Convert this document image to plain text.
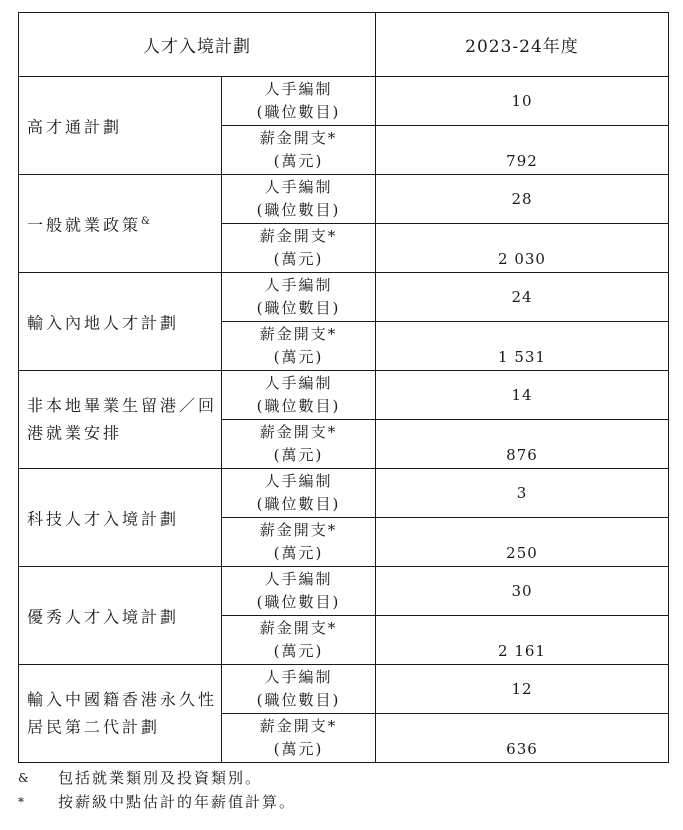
人才入境計劃		2023-24年度
高才通計劃	人手編制
(職位數目)	10

	薪金開支*
(萬元)	792
一般就業政策&	人手編制
(職位數目)	28

	薪金開支*
(萬元)	2 030
輸入內地人才計劃	人手編制
(職位數目)	24

	薪金開支*
(萬元)	1 531
非本地畢業生留港／回港就業安排	人手編制
(職位數目)	14

	薪金開支*
(萬元)	876
科技人才入境計劃	人手編制
(職位數目)	3

	薪金開支*
(萬元)	250
優秀人才入境計劃	人手編制
(職位數目)	30

	薪金開支*
(萬元)	2 161
輸入中國籍香港永久性居民第二代計劃	人手編制
(職位數目)	12

	薪金開支*
(萬元)	636
&	包括就業類別及投資類別。
*	按薪級中點估計的年薪值計算。
